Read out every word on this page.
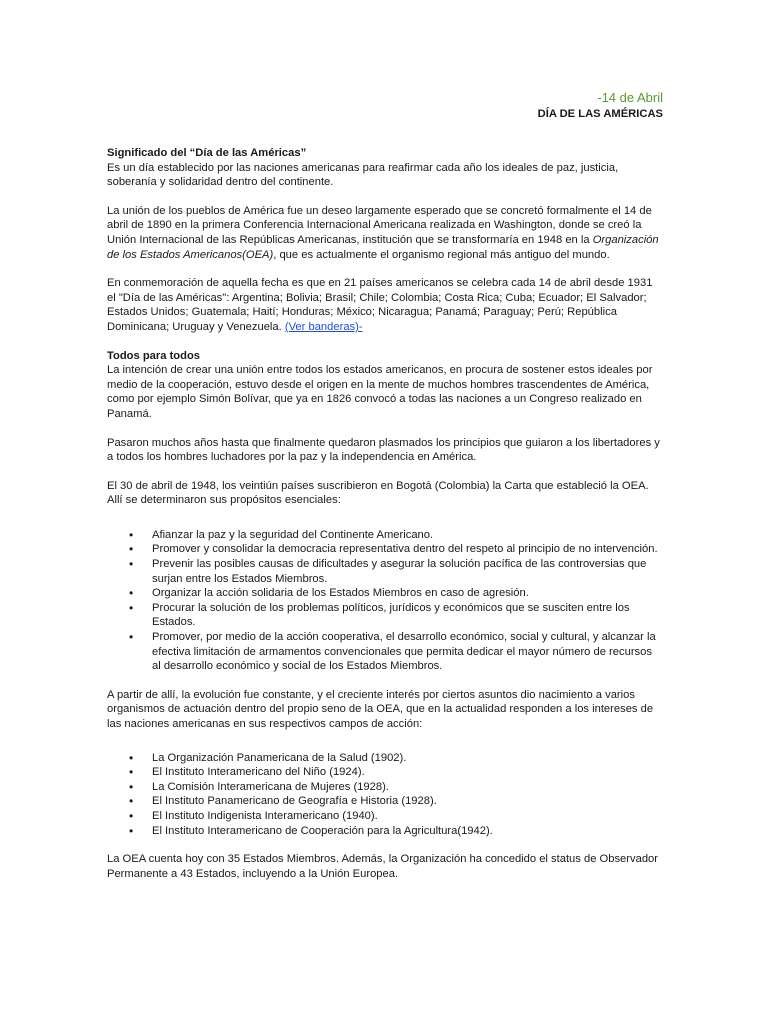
-14 de Abril
DÍA DE LAS AMÉRICAS
Significado del “Día de las Américas”

Es un día establecido por las naciones americanas para reafirmar cada año los ideales de paz, justicia, soberanía y solidaridad dentro del continente.

La unión de los pueblos de América fue un deseo largamente esperado que se concretó formalmente el 14 de abril de 1890 en la primera Conferencia Internacional Americana realizada en Washington, donde se creó la Unión Internacional de las Repúblicas Americanas, institución que se transformaría en 1948 en la Organización de los Estados Americanos(OEA), que es actualmente el organismo regional más antiguo del mundo.

En conmemoración de aquella fecha es que en 21 países americanos se celebra cada 14 de abril desde 1931 el "Día de las Américas": Argentina; Bolivia; Brasil; Chile; Colombia; Costa Rica; Cuba; Ecuador; El Salvador; Estados Unidos; Guatemala; Haití; Honduras; México; Nicaragua; Panamá; Paraguay; Perú; República Dominicana; Uruguay y Venezuela. (Ver banderas)-

Todos para todos

La intención de crear una unión entre todos los estados americanos, en procura de sostener estos ideales por medio de la cooperación, estuvo desde el origen en la mente de muchos hombres trascendentes de América, como por ejemplo Simón Bolívar, que ya en 1826 convocó a todas las naciones a un Congreso realizado en Panamá.

Pasaron muchos años hasta que finalmente quedaron plasmados los principios que guiaron a los libertadores y a todos los hombres luchadores por la paz y la independencia en América.

El 30 de abril de 1948, los veintiún países suscribieron en Bogotá (Colombia) la Carta que estableció la OEA. Allí se determinaron sus propósitos esenciales:

• Afianzar la paz y la seguridad del Continente Americano.
• Promover y consolidar la democracia representativa dentro del respeto al principio de no intervención.
• Prevenir las posibles causas de dificultades y asegurar la solución pacífica de las controversias que surjan entre los Estados Miembros.
• Organizar la acción solidaria de los Estados Miembros en caso de agresión.
• Procurar la solución de los problemas políticos, jurídicos y económicos que se susciten entre los Estados.
• Promover, por medio de la acción cooperativa, el desarrollo económico, social y cultural, y alcanzar la efectiva limitación de armamentos convencionales que permita dedicar el mayor número de recursos al desarrollo económico y social de los Estados Miembros.

A partir de allí, la evolución fue constante, y el creciente interés por ciertos asuntos dio nacimiento a varios organismos de actuación dentro del propio seno de la OEA, que en la actualidad responden a los intereses de las naciones americanas en sus respectivos campos de acción:

• La Organización Panamericana de la Salud (1902).
• El Instituto Interamericano del Niño (1924).
• La Comisión Interamericana de Mujeres (1928).
• El Instituto Panamericano de Geografía e Historia (1928).
• El Instituto Indigenista Interamericano (1940).
• El Instituto Interamericano de Cooperación para la Agricultura(1942).

La OEA cuenta hoy con 35 Estados Miembros. Además, la Organización ha concedido el status de Observador Permanente a 43 Estados, incluyendo a la Unión Europea.
